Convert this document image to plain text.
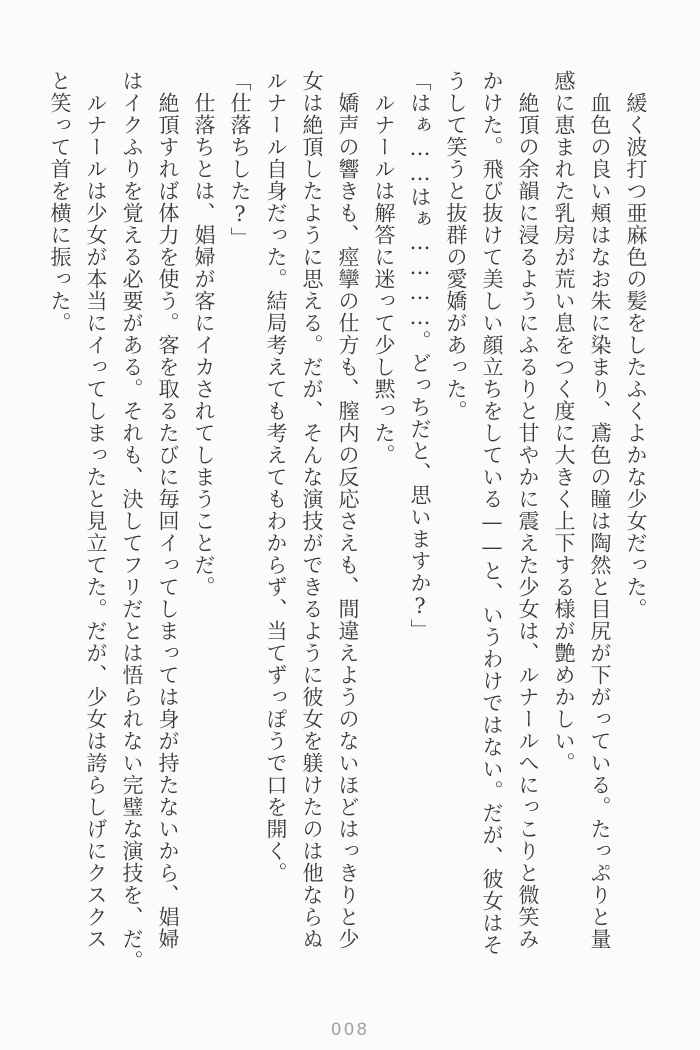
緩く波打つ亜麻色の髪をしたふくよかな少女だった。
血色の良い頬はなお朱に染まり、鳶色の瞳は陶然と目尻が下がっている。たっぷりと量
感に恵まれた乳房が荒い息をつく度に大きく上下する様が艶めかしい。
絶頂の余韻に浸るようにふるりと甘やかに震えた少女は、ルナールへにっこりと微笑み
かけた。飛び抜けて美しい顔立ちをしている——と、いうわけではない。だが、彼女はそ
うして笑うと抜群の愛嬌があった。
「はぁ……はぁ…………。どっちだと、思いますか?」
ルナールは解答に迷って少し黙った。
嬌声の響きも、痙攣の仕方も、膣内の反応さえも、間違えようのないほどはっきりと少
女は絶頂したように思える。だが、そんな演技ができるように彼女を躾けたのは他ならぬ
ルナール自身だった。結局考えても考えてもわからず、当てずっぽうで口を開く。
「仕落ちした?」
仕落ちとは、娼婦が客にイカされてしまうことだ。
絶頂すれば体力を使う。客を取るたびに毎回イってしまっては身が持たないから、娼婦
はイクふりを覚える必要がある。それも、決してフリだとは悟られない完璧な演技を、だ。
ルナールは少女が本当にイってしまったと見立てた。だが、少女は誇らしげにクスクス
と笑って首を横に振った。
008
